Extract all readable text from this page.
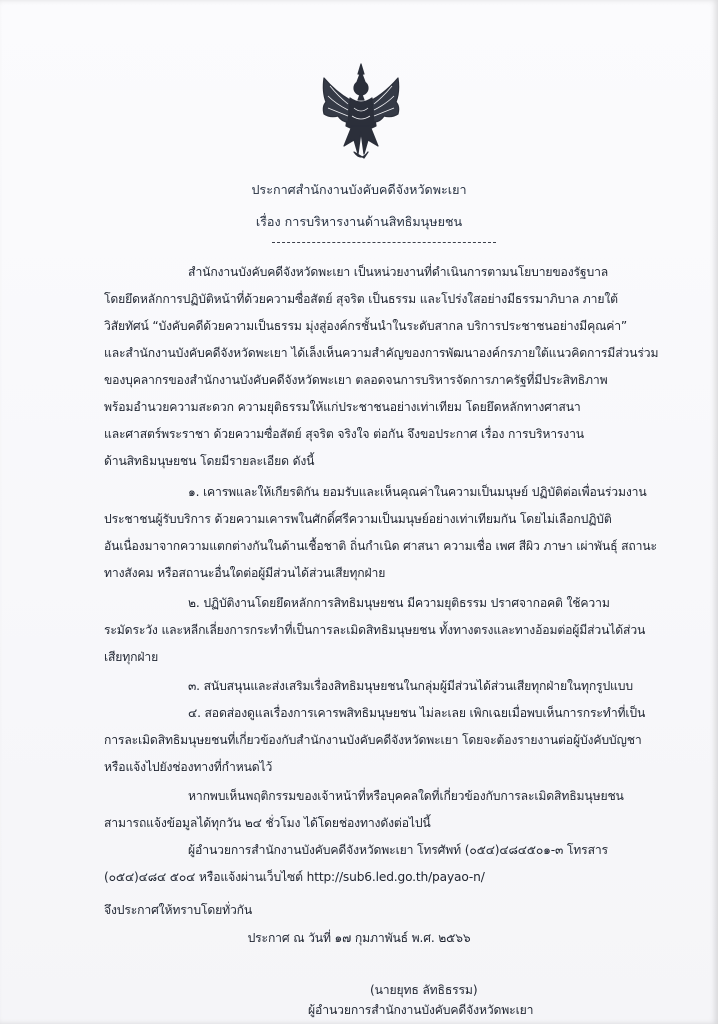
ประกาศสำนักงานบังคับคดีจังหวัดพะเยา
เรื่อง การบริหารงานด้านสิทธิมนุษยชน
สำนักงานบังคับคดีจังหวัดพะเยา เป็นหน่วยงานที่ดำเนินการตามนโยบายของรัฐบาล
โดยยึดหลักการปฏิบัติหน้าที่ด้วยความซื่อสัตย์ สุจริต เป็นธรรม และโปร่งใสอย่างมีธรรมาภิบาล ภายใต้
วิสัยทัศน์ “บังคับคดีด้วยความเป็นธรรม มุ่งสู่องค์กรชั้นนำในระดับสากล บริการประชาชนอย่างมีคุณค่า”
และสำนักงานบังคับคดีจังหวัดพะเยา ได้เล็งเห็นความสำคัญของการพัฒนาองค์กรภายใต้แนวคิดการมีส่วนร่วม
ของบุคลากรของสำนักงานบังคับคดีจังหวัดพะเยา ตลอดจนการบริหารจัดการภาครัฐที่มีประสิทธิภาพ
พร้อมอำนวยความสะดวก ความยุติธรรมให้แก่ประชาชนอย่างเท่าเทียม โดยยึดหลักทางศาสนา
และศาสตร์พระราชา ด้วยความซื่อสัตย์ สุจริต จริงใจ ต่อกัน จึงขอประกาศ เรื่อง การบริหารงาน
ด้านสิทธิมนุษยชน โดยมีรายละเอียด ดังนี้
๑. เคารพและให้เกียรติกัน ยอมรับและเห็นคุณค่าในความเป็นมนุษย์ ปฏิบัติต่อเพื่อนร่วมงาน
ประชาชนผู้รับบริการ ด้วยความเคารพในศักดิ์ศรีความเป็นมนุษย์อย่างเท่าเทียมกัน โดยไม่เลือกปฏิบัติ
อันเนื่องมาจากความแตกต่างกันในด้านเชื้อชาติ ถิ่นกำเนิด ศาสนา ความเชื่อ เพศ สีผิว ภาษา เผ่าพันธุ์ สถานะ
ทางสังคม หรือสถานะอื่นใดต่อผู้มีส่วนได้ส่วนเสียทุกฝ่าย
๒. ปฏิบัติงานโดยยึดหลักการสิทธิมนุษยชน มีความยุติธรรม ปราศจากอคติ ใช้ความ
ระมัดระวัง และหลีกเลี่ยงการกระทำที่เป็นการละเมิดสิทธิมนุษยชน ทั้งทางตรงและทางอ้อมต่อผู้มีส่วนได้ส่วน
เสียทุกฝ่าย
๓. สนับสนุนและส่งเสริมเรื่องสิทธิมนุษยชนในกลุ่มผู้มีส่วนได้ส่วนเสียทุกฝ่ายในทุกรูปแบบ
๔. สอดส่องดูแลเรื่องการเคารพสิทธิมนุษยชน ไม่ละเลย เพิกเฉยเมื่อพบเห็นการกระทำที่เป็น
การละเมิดสิทธิมนุษยชนที่เกี่ยวข้องกับสำนักงานบังคับคดีจังหวัดพะเยา โดยจะต้องรายงานต่อผู้บังคับบัญชา
หรือแจ้งไปยังช่องทางที่กำหนดไว้
หากพบเห็นพฤติกรรมของเจ้าหน้าที่หรือบุคคลใดที่เกี่ยวข้องกับการละเมิดสิทธิมนุษยชน
สามารถแจ้งข้อมูลได้ทุกวัน ๒๔ ชั่วโมง ได้โดยช่องทางดังต่อไปนี้
ผู้อำนวยการสำนักงานบังคับคดีจังหวัดพะเยา โทรศัพท์ (๐๕๔)๔๘๔๕๐๑-๓ โทรสาร
(๐๕๔)๔๘๔ ๕๐๔ หรือแจ้งผ่านเว็บไซต์ http://sub6.led.go.th/payao-n/
จึงประกาศให้ทราบโดยทั่วกัน
ประกาศ ณ วันที่ ๑๗ กุมภาพันธ์ พ.ศ. ๒๕๖๖
(นายยุทธ ลัทธิธรรม)
ผู้อำนวยการสำนักงานบังคับคดีจังหวัดพะเยา
